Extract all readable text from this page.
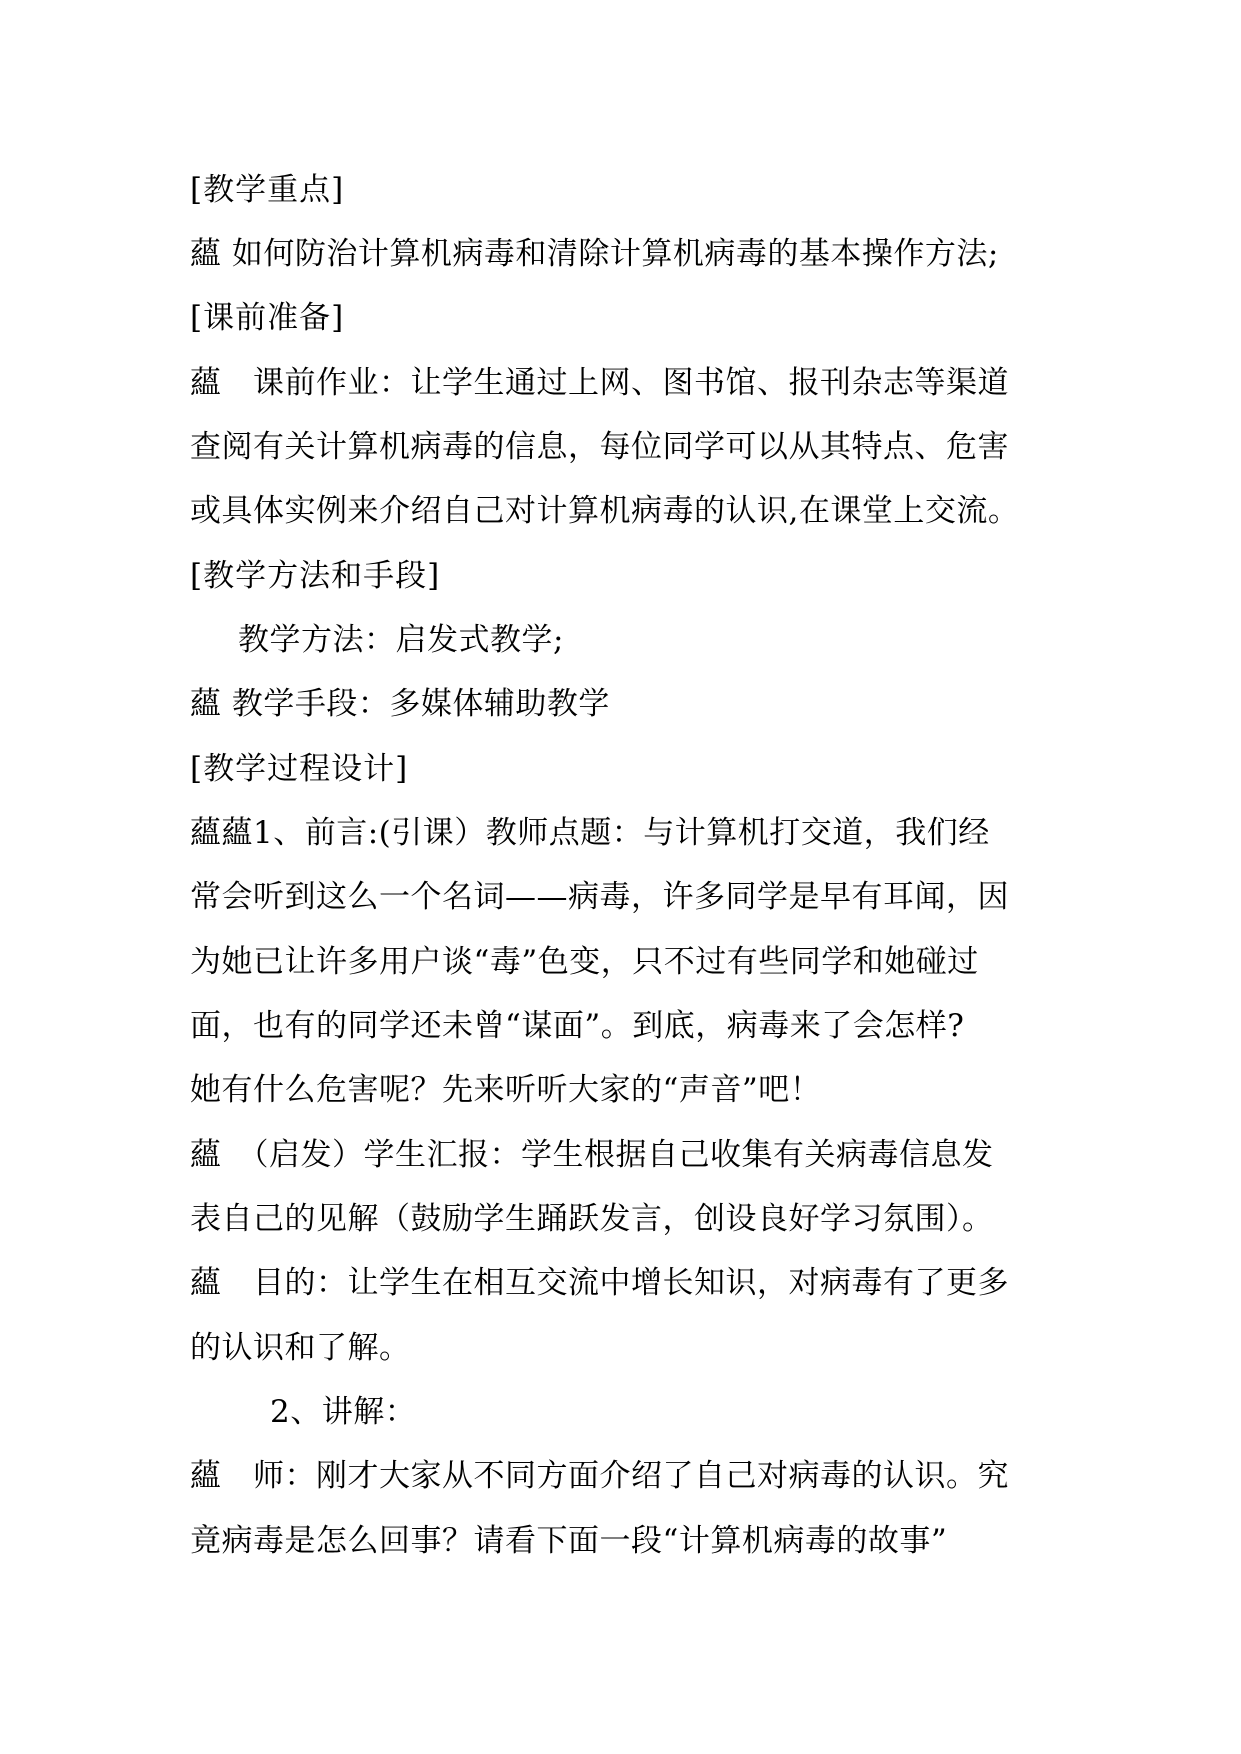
[教学重点]
蘊 如何防治计算机病毒和清除计算机病毒的基本操作方法;
[课前准备]
蘊　课前作业：让学生通过上网、图书馆、报刊杂志等渠道
查阅有关计算机病毒的信息，每位同学可以从其特点、危害
或具体实例来介绍自己对计算机病毒的认识,在课堂上交流。
[教学方法和手段]
教学方法：启发式教学;
蘊 教学手段：多媒体辅助教学
[教学过程设计]
蘊蘊1、前言:(引课）教师点题：与计算机打交道，我们经
常会听到这么一个名词——病毒，许多同学是早有耳闻，因
为她已让许多用户谈“毒”色变，只不过有些同学和她碰过
面，也有的同学还未曾“谋面”。到底，病毒来了会怎样?
她有什么危害呢？先来听听大家的“声音”吧！
蘊　（启发）学生汇报：学生根据自己收集有关病毒信息发
表自己的见解（鼓励学生踊跃发言，创设良好学习氛围）。
蘊　目的：让学生在相互交流中增长知识，对病毒有了更多
的认识和了解。
2、讲解：
蘊　师：刚才大家从不同方面介绍了自己对病毒的认识。究
竟病毒是怎么回事？请看下面一段“计算机病毒的故事”
